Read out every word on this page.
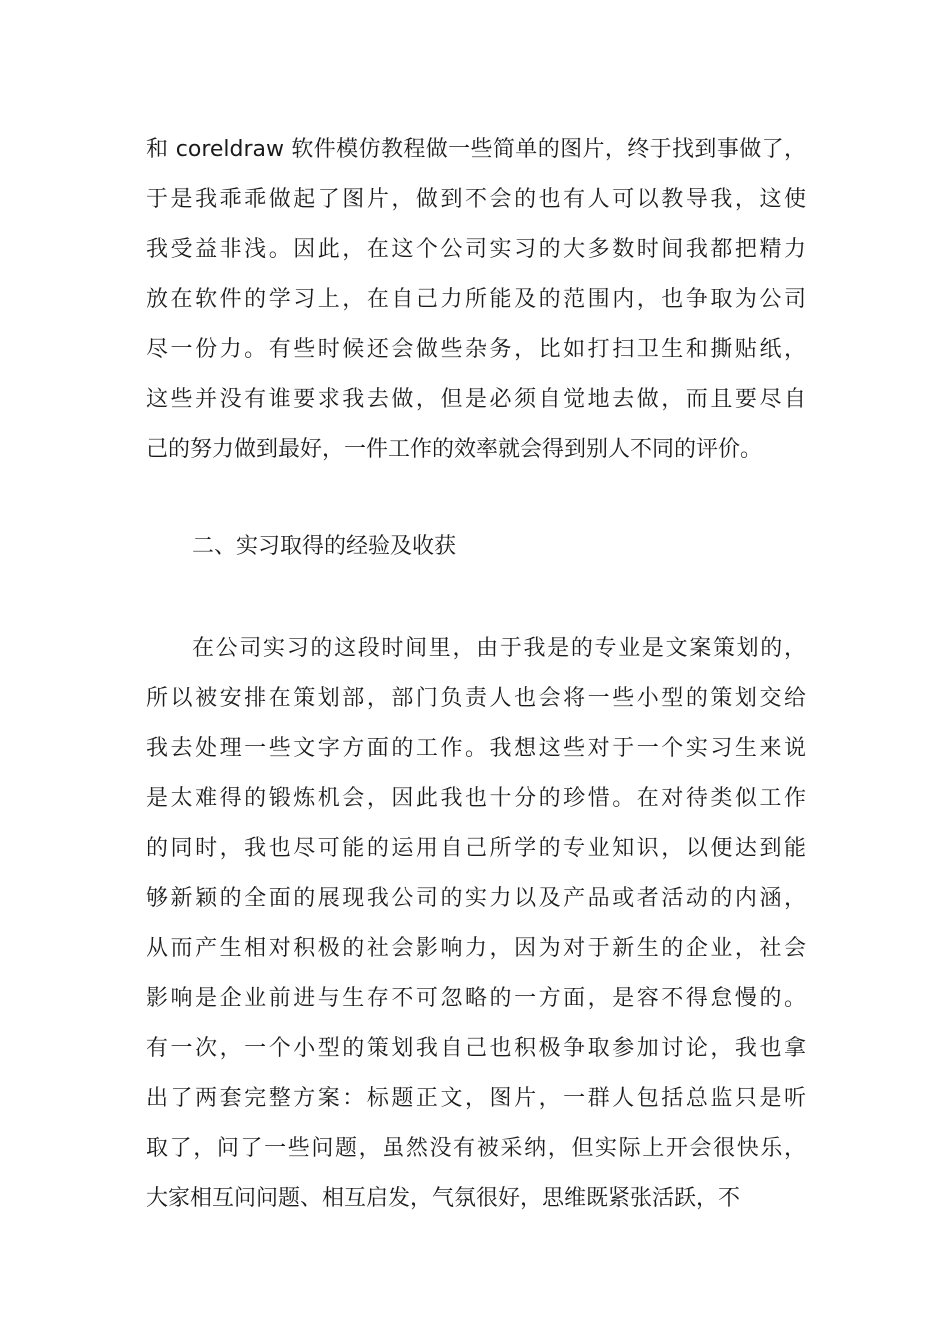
和 coreldraw 软件模仿教程做一些简单的图片，终于找到事做了，
于是我乖乖做起了图片，做到不会的也有人可以教导我，这使
我受益非浅。因此，在这个公司实习的大多数时间我都把精力
放在软件的学习上，在自己力所能及的范围内，也争取为公司
尽一份力。有些时候还会做些杂务，比如打扫卫生和撕贴纸，
这些并没有谁要求我去做，但是必须自觉地去做，而且要尽自
己的努力做到最好，一件工作的效率就会得到别人不同的评价。
二、实习取得的经验及收获
在公司实习的这段时间里，由于我是的专业是文案策划的，
所以被安排在策划部，部门负责人也会将一些小型的策划交给
我去处理一些文字方面的工作。我想这些对于一个实习生来说
是太难得的锻炼机会，因此我也十分的珍惜。在对待类似工作
的同时，我也尽可能的运用自己所学的专业知识，以便达到能
够新颖的全面的展现我公司的实力以及产品或者活动的内涵，
从而产生相对积极的社会影响力，因为对于新生的企业，社会
影响是企业前进与生存不可忽略的一方面，是容不得怠慢的。
有一次，一个小型的策划我自己也积极争取参加讨论，我也拿
出了两套完整方案：标题正文，图片，一群人包括总监只是听
取了，问了一些问题，虽然没有被采纳，但实际上开会很快乐，
大家相互问问题、相互启发，气氛很好，思维既紧张活跃，不
